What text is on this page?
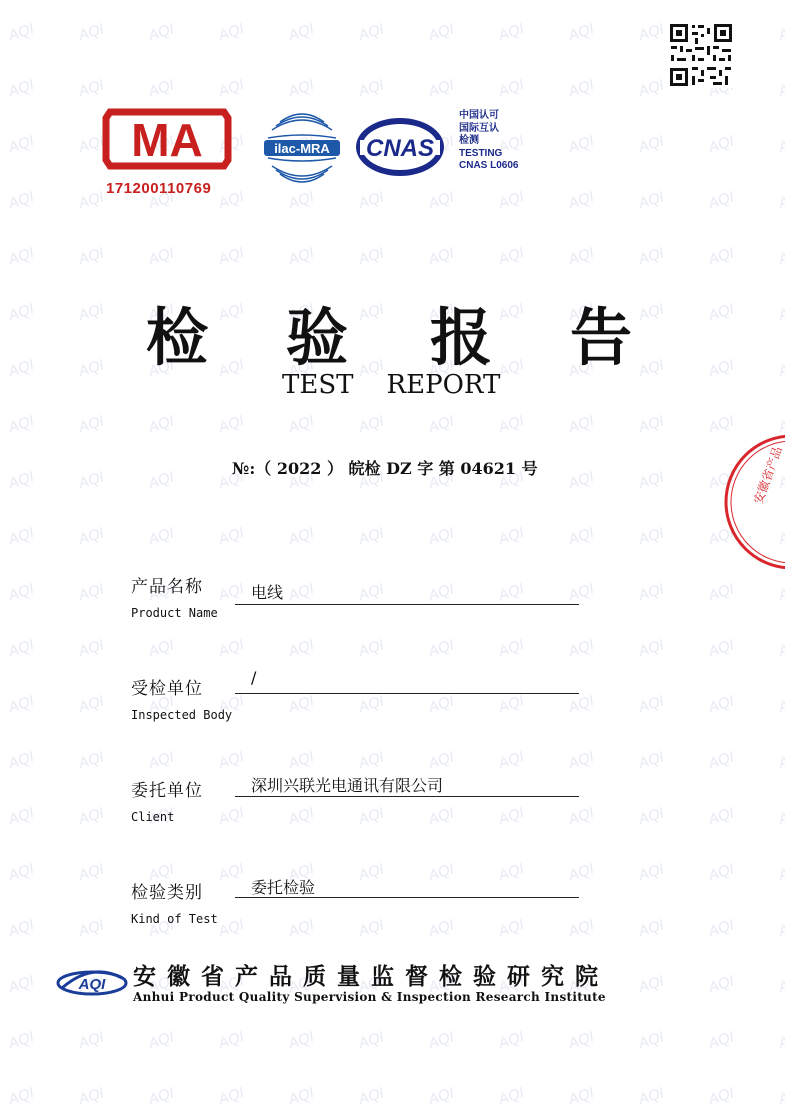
MA
171200110769
ilac-MRA CNAS
中国认可
国际互认
检测
TESTING
CNAS L0606
检 验 报 告
TEST    REPORT
№:（ 2022 ） 皖检 DZ 字 第 04621 号
产品名称
Product Name
电线
受检单位
Inspected Body
/
委托单位
Client
深圳兴联光电通讯有限公司
检验类别
Kind of Test
委托检验
AQI 安徽省产品质量监督检验研究院
Anhui Product Quality Supervision & Inspection Research Institute
安徽省产品
